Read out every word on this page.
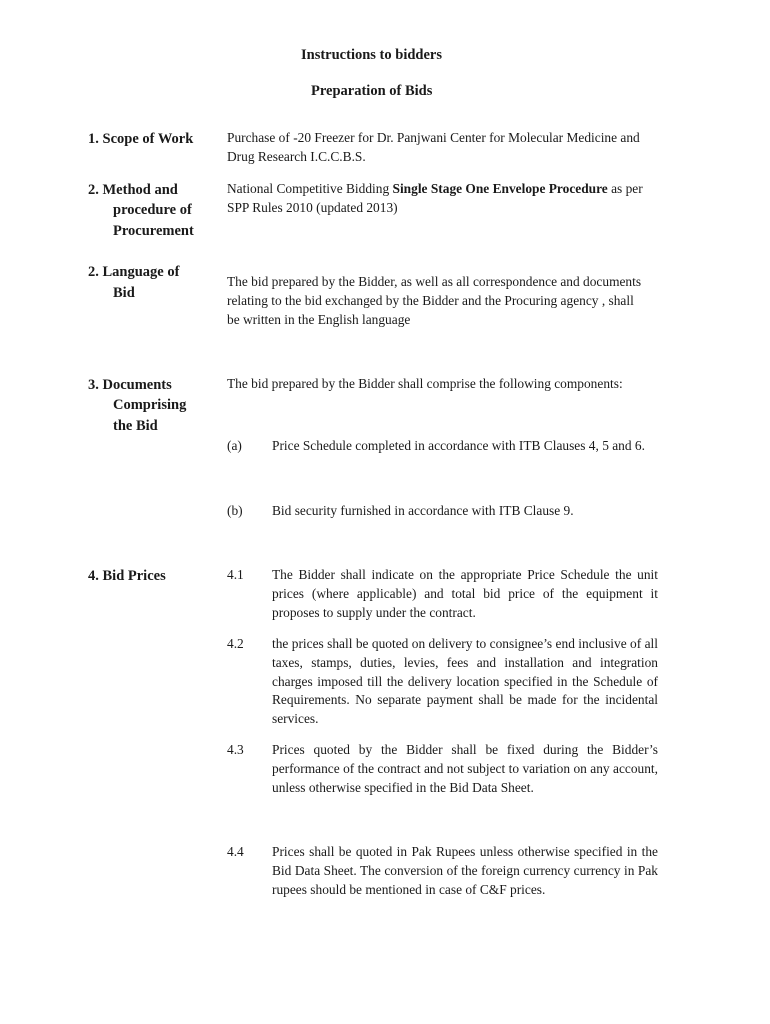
Instructions to bidders
Preparation of Bids
1. Scope of Work	Purchase of -20 Freezer for Dr. Panjwani Center for Molecular Medicine and
Drug Research I.C.C.B.S.
2. Method and
procedure of
Procurement
National Competitive Bidding Single Stage One Envelope Procedure as per
SPP Rules 2010 (updated 2013)
2. Language of
Bid
The bid prepared by the Bidder, as well as all correspondence and documents
relating to the bid exchanged by the Bidder and the Procuring agency , shall
be written in the English language
3. Documents
Comprising
the Bid
The bid prepared by the Bidder shall comprise the following components:
(a) Price Schedule completed in accordance with ITB Clauses 4, 5 and 6.
(b) Bid security furnished in accordance with ITB Clause 9.
4. Bid Prices	4.1 The Bidder shall indicate on the appropriate Price Schedule the unit prices (where applicable) and total bid price of the equipment it proposes to supply under the contract.
4.2 the prices shall be quoted on delivery to consignee’s end inclusive of all taxes, stamps, duties, levies, fees and installation and integration charges imposed till the delivery location specified in the Schedule of Requirements. No separate payment shall be made for the incidental services.
4.3 Prices quoted by the Bidder shall be fixed during the Bidder’s performance of the contract and not subject to variation on any account, unless otherwise specified in the Bid Data Sheet.
4.4 Prices shall be quoted in Pak Rupees unless otherwise specified in the Bid Data Sheet. The conversion of the foreign currency currency in Pak rupees should be mentioned in case of C&F prices.
